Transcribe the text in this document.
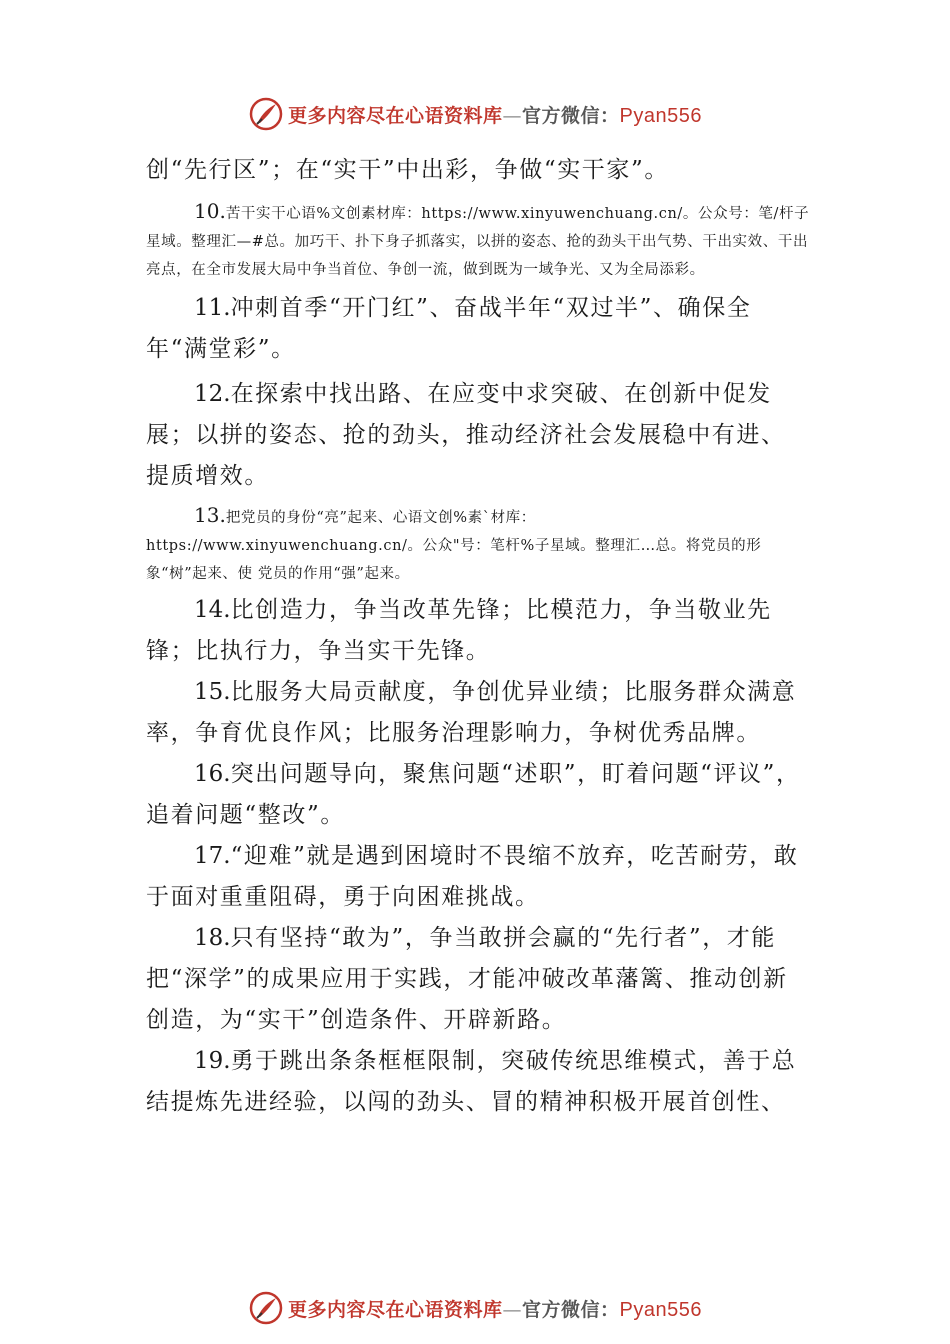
更多内容尽在心语资料库—官方微信：Pyan556

创“先行区”；在“实干”中出彩，争做“实干家”。

10.苦干实干心语%文创素材库：https://www.xinyuwenchuang.cn/。公众号：笔/杆子星域。整理汇—#总。加巧干、扑下身子抓落实，以拼的姿态、抢的劲头干出气势、干出实效、干出亮点，在全市发展大局中争当首位、争创一流，做到既为一域争光、又为全局添彩。

11.冲刺首季“开门红”、奋战半年“双过半”、确保全年“满堂彩”。

12.在探索中找出路、在应变中求突破、在创新中促发展；以拼的姿态、抢的劲头，推动经济社会发展稳中有进、提质增效。

13.把党员的身份“亮”起来、心语文创%素`材库：https://www.xinyuwenchuang.cn/。公众"号：笔杆%子星域。整理汇…总。将党员的形象“树”起来、使 党员的作用“强”起来。

14.比创造力，争当改革先锋；比模范力，争当敬业先锋；比执行力，争当实干先锋。

15.比服务大局贡献度，争创优异业绩；比服务群众满意率，争育优良作风；比服务治理影响力，争树优秀品牌。

16.突出问题导向，聚焦问题“述职”，盯着问题“评议”，追着问题“整改”。

17.“迎难”就是遇到困境时不畏缩不放弃，吃苦耐劳，敢于面对重重阻碍，勇于向困难挑战。

18.只有坚持“敢为”，争当敢拼会赢的“先行者”，才能把“深学”的成果应用于实践，才能冲破改革藩篱、推动创新创造，为“实干”创造条件、开辟新路。

19.勇于跳出条条框框限制，突破传统思维模式，善于总结提炼先进经验，以闯的劲头、冒的精神积极开展首创性、

更多内容尽在心语资料库—官方微信：Pyan556
